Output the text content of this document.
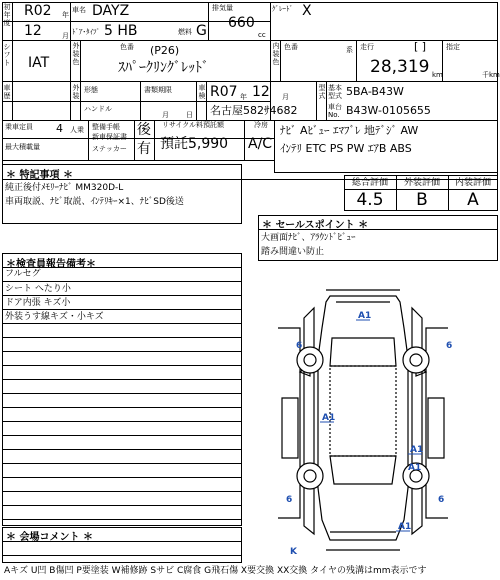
初年度
R02 年
12	月
車名 DAYZ
ﾄﾞｱ･ﾀｲﾌﾟ 5 HB	燃料 G
排気量
660
cc
ｸﾞﾚｰﾄﾞ X
シフト IAT
外装色
色番 (P26)
ｽﾊﾟｰｸﾘﾝｸﾞﾚｯﾄﾞ
内装色
色番	系 走行	[ ]
28,319 km
指定
千km
車歴
外装
形態
ハンドル
書類期限
月 日
車検 R07 年 12 月
名古屋582ｻ4682
型式
基本型式 5BA-B43W
車台No. B43W-0105655
乗車定員 4 人乗
最大積載量
整備手帳
新車保証書
ステッカー
後
有
リサイクル料預託額
預託5,990
冷房
A/C
ﾅﾋﾞ Aﾋﾞｭｰ ｴﾏﾌﾞﾚ 地ﾃﾞｼﾞ AW
ｲﾝﾃﾘ ETC PS PW ｴｱB ABS
＊ 特記事項 ＊
純正後付ﾒﾓﾘｰﾅﾋﾞ MM320D-L
車両取説、ﾅﾋﾞ取説、ｲﾝﾃﾘｷｰ×1、ﾅﾋﾞSD後送
総合評価	外装評価	内装評価
4.5	B	A
＊ セールスポイント ＊
大画面ﾅﾋﾞ、ｱﾗｳﾝﾄﾞﾋﾞｭｰ
踏み間違い防止
＊検査員報告備考＊
フルセグ
シート へたり小
ドア内張 キズ小
外装うす線キズ・小キズ
＊ 会場コメント ＊
A1
A1
A1
A1
A1
6	6
6	6
K
Aキズ U凹 B傷凹 P要塗装 W補修跡 Sサビ C腐食 G飛石傷 X要交換 XX交換 タイヤの残溝はmm表示です
